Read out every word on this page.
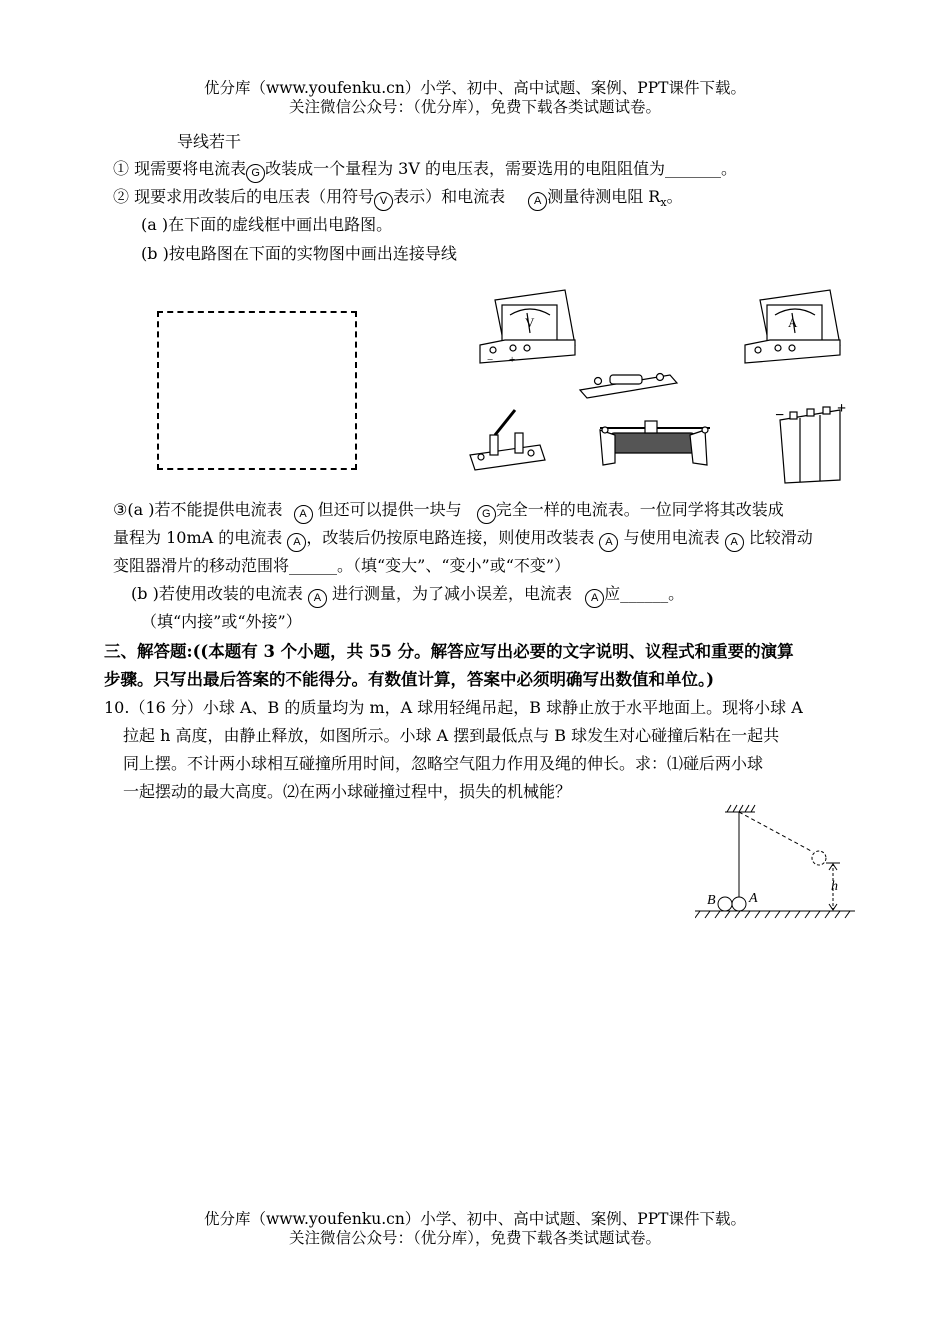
优分库（www.youfenku.cn）小学、初中、高中试题、案例、PPT课件下载。
关注微信公众号：（优分库），免费下载各类试题试卷。
导线若干
① 现需要将电流表 G 改装成一个量程为 3V 的电压表，需要选用的电阻阻值为_______。
② 现要求用改装后的电压表（用符号 V 表示）和电流表	A 测量待测电阻 $R_x$。
(a )在下面的虚线框中画出电路图。
(b )按电路图在下面的实物图中画出连接导线
V
− +
A
−	+
③(a )若不能提供电流表 A 但还可以提供一块与 G 完全一样的电流表。一位同学将其改装成
量程为 10mA 的电流表 A ，改装后仍按原电路连接，则使用改装表 A 与使用电流表 A 比较滑动
变阻器滑片的移动范围将______。（填“变大”、“变小”或“不变”）
(b )若使用改装的电流表 A 进行测量，为了减小误差，电流表 A 应______。
（填“内接”或“外接”）
三、解答题:((本题有 3 个小题，共 55 分。解答应写出必要的文字说明、议程式和重要的演算
步骤。只写出最后答案的不能得分。有数值计算，答案中必须明确写出数值和单位。)
10.（16 分）小球 A、B 的质量均为 m，A 球用轻绳吊起，B 球静止放于水平地面上。现将小球 A
拉起 h 高度，由静止释放，如图所示。小球 A 摆到最低点与 B 球发生对心碰撞后粘在一起共
同上摆。不计两小球相互碰撞所用时间，忽略空气阻力作用及绳的伸长。求：⑴碰后两小球
一起摆动的最大高度。⑵在两小球碰撞过程中，损失的机械能？
B A
h
优分库（www.youfenku.cn）小学、初中、高中试题、案例、PPT课件下载。
关注微信公众号：（优分库），免费下载各类试题试卷。
